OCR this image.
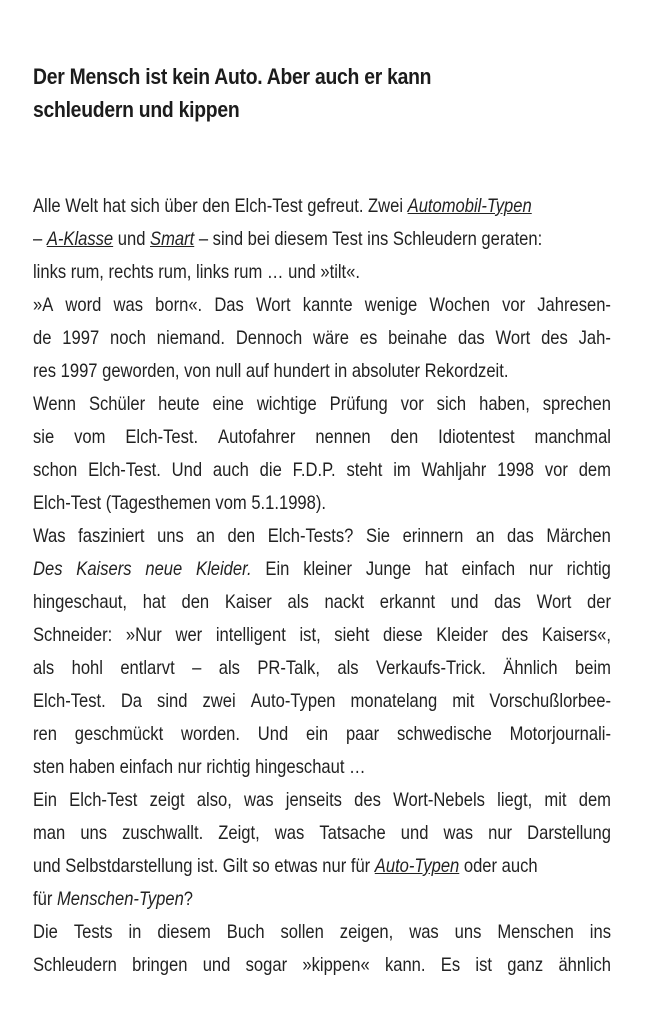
Der Mensch ist kein Auto. Aber auch er kann
schleudern und kippen
Alle Welt hat sich über den Elch-Test gefreut. Zwei Automobil-Typen
– A-Klasse und Smart – sind bei diesem Test ins Schleudern geraten:
links rum, rechts rum, links rum … und »tilt«.
»A word was born«. Das Wort kannte wenige Wochen vor Jahresen-
de 1997 noch niemand. Dennoch wäre es beinahe das Wort des Jah-
res 1997 geworden, von null auf hundert in absoluter Rekordzeit.
Wenn Schüler heute eine wichtige Prüfung vor sich haben, sprechen
sie vom Elch-Test. Autofahrer nennen den Idiotentest manchmal
schon Elch-Test. Und auch die F.D.P. steht im Wahljahr 1998 vor dem
Elch-Test (Tagesthemen vom 5.1.1998).
Was fasziniert uns an den Elch-Tests? Sie erinnern an das Märchen
Des Kaisers neue Kleider. Ein kleiner Junge hat einfach nur richtig
hingeschaut, hat den Kaiser als nackt erkannt und das Wort der
Schneider: »Nur wer intelligent ist, sieht diese Kleider des Kaisers«,
als hohl entlarvt – als PR-Talk, als Verkaufs-Trick. Ähnlich beim
Elch-Test. Da sind zwei Auto-Typen monatelang mit Vorschußlorbee-
ren geschmückt worden. Und ein paar schwedische Motorjournali-
sten haben einfach nur richtig hingeschaut …
Ein Elch-Test zeigt also, was jenseits des Wort-Nebels liegt, mit dem
man uns zuschwallt. Zeigt, was Tatsache und was nur Darstellung
und Selbstdarstellung ist. Gilt so etwas nur für Auto-Typen oder auch
für Menschen-Typen?
Die Tests in diesem Buch sollen zeigen, was uns Menschen ins
Schleudern bringen und sogar »kippen« kann. Es ist ganz ähnlich
